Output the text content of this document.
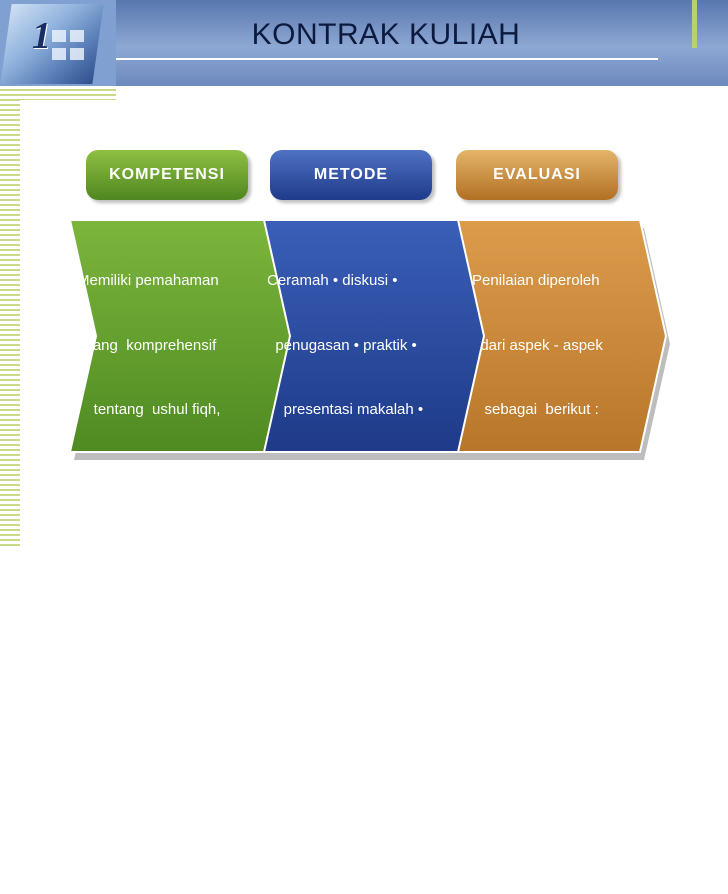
1	KONTRAK KULIAH
KOMPETENSI	METODE	EVALUASI

Memiliki pemahaman

yang  komprehensif

tentang  ushul fiqh,

mashadir al-ahkam,

metode istinbat dan

proses ijtihad  dalam

menggali & mengkaji

hukum Islam. Mampu

mengaktualisasikannya

dalam era kehidupan.

Ceramah • diskusi •

penugasan • praktik •

presentasi makalah •

tanya-jawab • P B L

( Project   Based

Learning ) • active

learning • slides •

50 menit seminar •

60 menit tutorial  •

10 menit review •

Penilaian diperoleh

dari aspek - aspek

sebagai  berikut :

Keaktifan, diskusi

& makalah 30% •

U T S     30% •

U A S     40% •

Total penilaian

adalah 100%  •

Semoga Sukses
